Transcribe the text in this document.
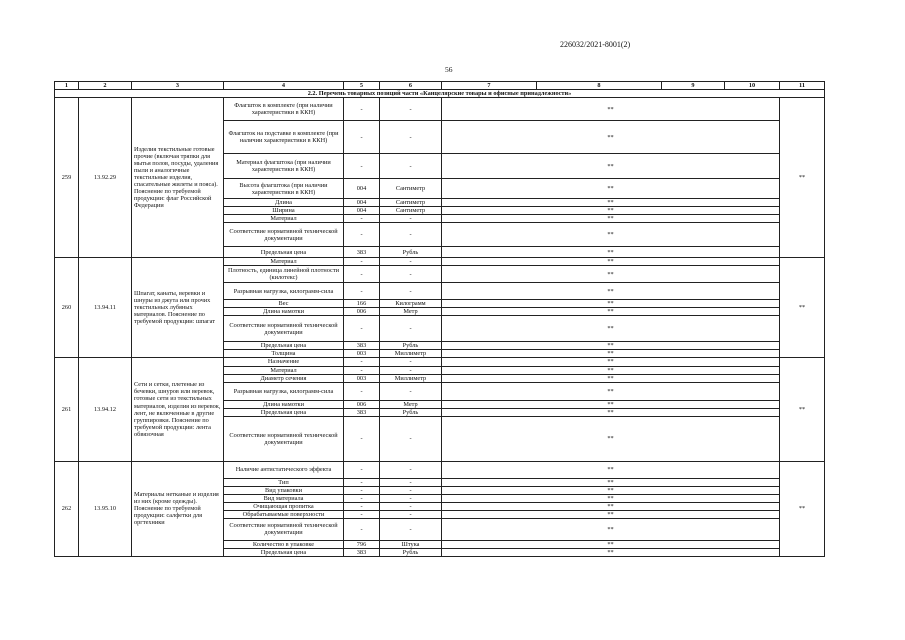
226032/2021-8001(2)
56
1	2	3	4	5	6	7	8	9	10	11
2.2. Перечень товарных позиций части «Канцелярские товары и офисные принадлежности»										
259	13.92.29	Изделия текстильные готовые прочие (включая тряпки для мытья полов, посуды, удаления пыли и аналогичные текстильные изделия, спасательные жилеты и пояса). Пояснение по требуемой продукции: флаг Российской Федерации	Флагшток в комплекте (при наличии характеристики в ККН)	-	-	**				**
			Флагшток на подставке в комплекте (при наличии характеристики в ККН)	-	-	**				
			Материал флагштока (при наличии характеристики в ККН)	-	-	**				
			Высота флагштока (при наличии характеристики в ККН)	004	Сантиметр	**				
			Длина	004	Сантиметр	**				
			Ширина	004	Сантиметр	**				
			Материал	-	-	**				
			Соответствие нормативной технической документации	-	-	**				
			Предельная цена	383	Рубль	**				
260	13.94.11	Шпагат, канаты, веревки и шнуры из джута или прочих текстильных лубяных материалов. Пояснение по требуемой продукции: шпагат	Материал	-	-	**				**
			Плотность, единица линейной плотности (килотекс)	-	-	**				
			Разрывная нагрузка, килограмм-сила	-	-	**				
			Вес	166	Килограмм	**				
			Длина намотки	006	Метр	**				
			Соответствие нормативной технической документации	-	-	**				
			Предельная цена	383	Рубль	**				
			Толщина	003	Миллиметр	**				
261	13.94.12	Сети и сетки, плетеные из бечевки, шнуров или веревок, готовые сети из текстильных материалов, изделия из веревок, лент, не включенные в другие группировки. Пояснение по требуемой продукции: лента обвязочная	Назначение	-	-	**				**
			Материал	-	-	**				
			Диаметр сечения	003	Миллиметр	**				
			Разрывная нагрузка, килограмм-сила	-	-	**				
			Длина намотки	006	Метр	**				
			Предельная цена	383	Рубль	**				
			Соответствие нормативной технической документации	-	-	**				
262	13.95.10	Материалы нетканые и изделия из них (кроме одежды). Пояснение по требуемой продукции: салфетки для оргтехники	Наличие антистатического эффекта	-	-	**				**
			Тип	-	-	**				
			Вид упаковки	-	-	**				
			Вид материала	-	-	**				
			Очищающая пропитка	-	-	**				
			Обрабатываемые поверхности	-	-	**				
			Соответствие нормативной технической документации	-	-	**				
			Количество в упаковке	796	Штука	**				
			Предельная цена	383	Рубль	**				
